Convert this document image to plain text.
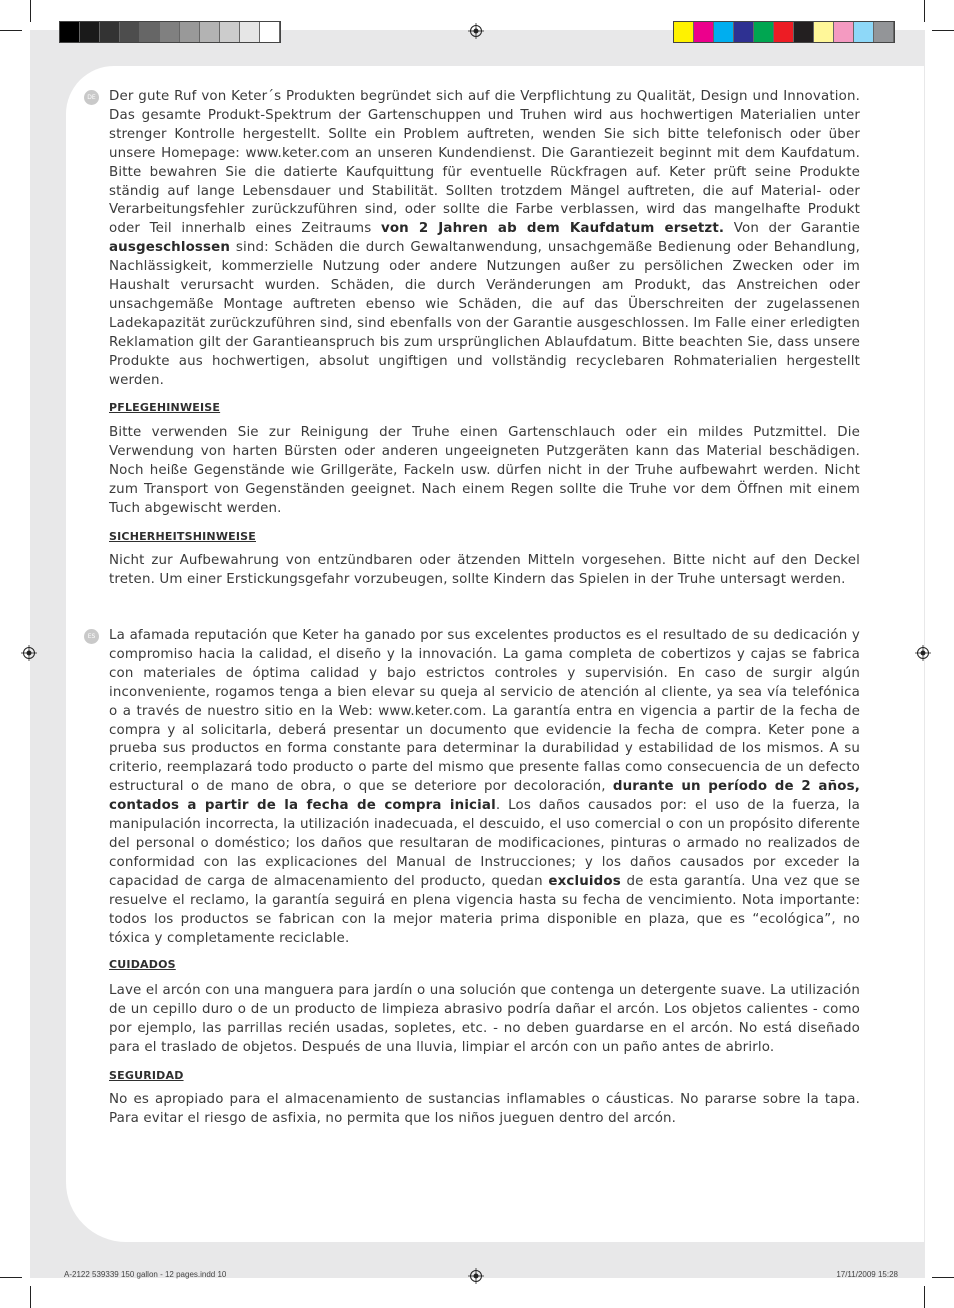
DE Der gute Ruf von Keter´s Produkten begründet sich auf die Verpflichtung zu Qualität, Design und Innovation. Das gesamte Produkt-Spektrum der Gartenschuppen und Truhen wird aus hochwertigen Materialien unter strenger Kontrolle hergestellt. Sollte ein Problem auftreten, wenden Sie sich bitte telefonisch oder über unsere Homepage: www.keter.com an unseren Kundendienst. Die Garantiezeit beginnt mit dem Kaufdatum. Bitte bewahren Sie die datierte Kaufquittung für eventuelle Rückfragen auf. Keter prüft seine Produkte ständig auf lange Lebensdauer und Stabilität. Sollten trotzdem Mängel auftreten, die auf Material- oder Verarbeitungsfehler zurückzuführen sind, oder sollte die Farbe verblassen, wird das mangelhafte Produkt oder Teil innerhalb eines Zeitraums von 2 Jahren ab dem Kaufdatum ersetzt. Von der Garantie ausgeschlossen sind: Schäden die durch Gewaltanwendung, unsachgemäße Bedienung oder Behandlung, Nachlässigkeit, kommerzielle Nutzung oder andere Nutzungen außer zu persölichen Zwecken oder im Haushalt verursacht wurden. Schäden, die durch Veränderungen am Produkt, das Anstreichen oder unsachgemäße Montage auftreten ebenso wie Schäden, die auf das Überschreiten der zugelassenen Ladekapazität zurückzuführen sind, sind ebenfalls von der Garantie ausgeschlossen. Im Falle einer erledigten Reklamation gilt der Garantieanspruch bis zum ursprünglichen Ablaufdatum. Bitte beachten Sie, dass unsere Produkte aus hochwertigen, absolut ungiftigen und vollständig recyclebaren Rohmaterialien hergestellt werden.

PFLEGEHINWEISE

Bitte verwenden Sie zur Reinigung der Truhe einen Gartenschlauch oder ein mildes Putzmittel. Die Verwendung von harten Bürsten oder anderen ungeeigneten Putzgeräten kann das Material beschädigen. Noch heiße Gegenstände wie Grillgeräte, Fackeln usw. dürfen nicht in der Truhe aufbewahrt werden. Nicht zum Transport von Gegenständen geeignet. Nach einem Regen sollte die Truhe vor dem Öffnen mit einem Tuch abgewischt werden.

SICHERHEITSHINWEISE

Nicht zur Aufbewahrung von entzündbaren oder ätzenden Mitteln vorgesehen. Bitte nicht auf den Deckel treten. Um einer Erstickungsgefahr vorzubeugen, sollte Kindern das Spielen in der Truhe untersagt werden.

ES La afamada reputación que Keter ha ganado por sus excelentes productos es el resultado de su dedicación y compromiso hacia la calidad, el diseño y la innovación. La gama completa de cobertizos y cajas se fabrica con materiales de óptima calidad y bajo estrictos controles y supervisión. En caso de surgir algún inconveniente, rogamos tenga a bien elevar su queja al servicio de atención al cliente, ya sea vía telefónica o a través de nuestro sitio en la Web: www.keter.com. La garantía entra en vigencia a partir de la fecha de compra y al solicitarla, deberá presentar un documento que evidencie la fecha de compra. Keter pone a prueba sus productos en forma constante para determinar la durabilidad y estabilidad de los mismos. A su criterio, reemplazará todo producto o parte del mismo que presente fallas como consecuencia de un defecto estructural o de mano de obra, o que se deteriore por decoloración, durante un período de 2 años, contados a partir de la fecha de compra inicial. Los daños causados por: el uso de la fuerza, la manipulación incorrecta, la utilización inadecuada, el descuido, el uso comercial o con un propósito diferente del personal o doméstico; los daños que resultaran de modificaciones, pinturas o armado no realizados de conformidad con las explicaciones del Manual de Instrucciones; y los daños causados por exceder la capacidad de carga de almacenamiento del producto, quedan excluidos de esta garantía. Una vez que se resuelve el reclamo, la garantía seguirá en plena vigencia hasta su fecha de vencimiento. Nota importante: todos los productos se fabrican con la mejor materia prima disponible en plaza, que es “ecológica”, no tóxica y completamente reciclable.

CUIDADOS

Lave el arcón con una manguera para jardín o una solución que contenga un detergente suave. La utilización de un cepillo duro o de un producto de limpieza abrasivo podría dañar el arcón. Los objetos calientes - como por ejemplo, las parrillas recién usadas, sopletes, etc. - no deben guardarse en el arcón. No está diseñado para el traslado de objetos. Después de una lluvia, limpiar el arcón con un paño antes de abrirlo.

SEGURIDAD

No es apropiado para el almacenamiento de sustancias inflamables o cáusticas. No pararse sobre la tapa. Para evitar el riesgo de asfixia, no permita que los niños jueguen dentro del arcón.

A-2122 539339 150 gallon - 12 pages.indd 10	17/11/2009 15:28
